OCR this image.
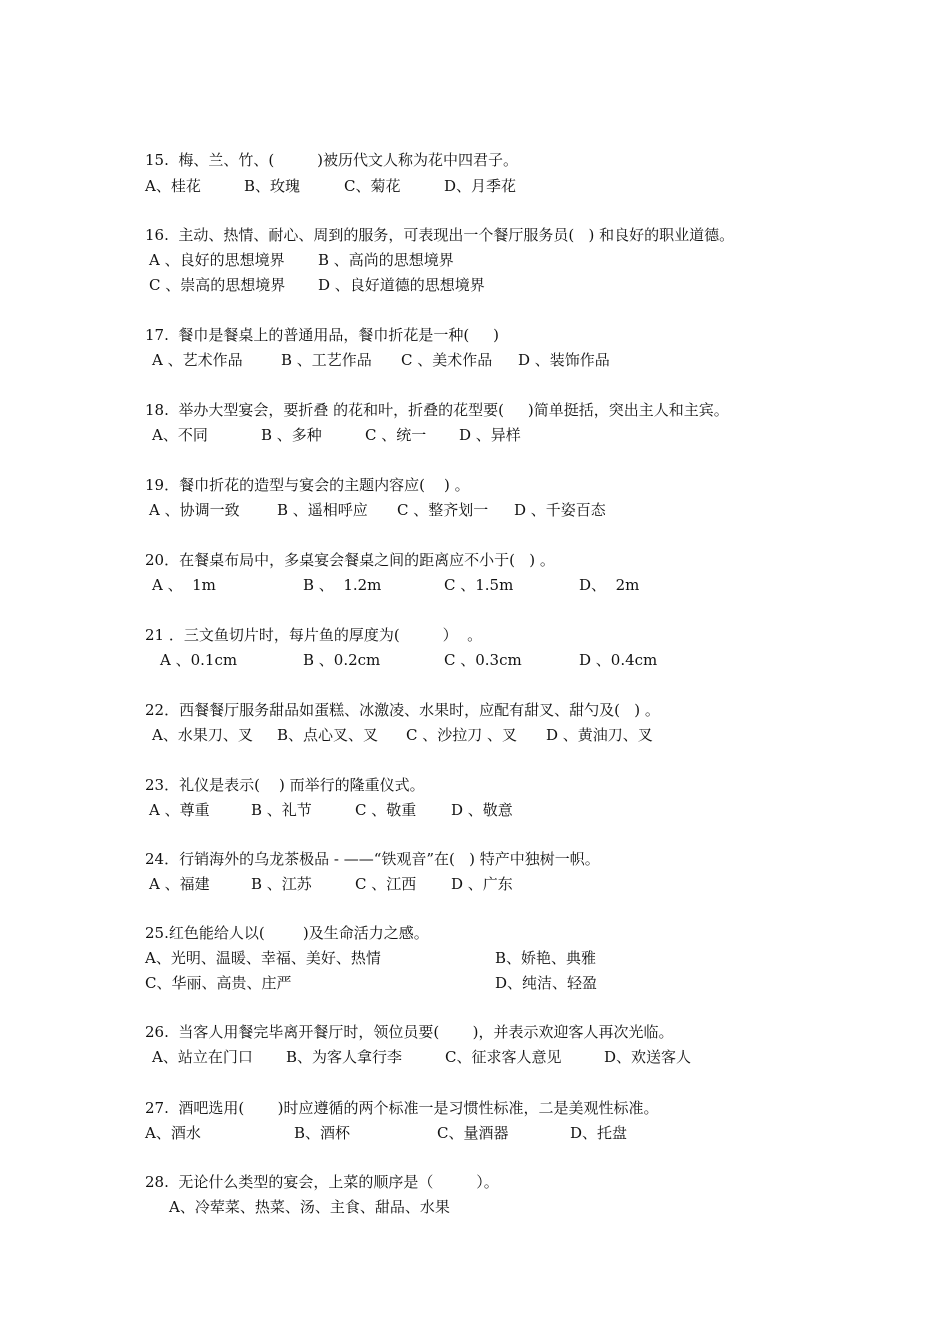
15.  梅、兰、竹、(         )被历代文人称为花中四君子。
A、桂花	B、玫瑰	C、菊花	D、月季花
16.  主动、热情、耐心、周到的服务，可表现出一个餐厅服务员(   ) 和良好的职业道德。
A 、良好的思想境界 B 、高尚的思想境界
C 、崇高的思想境界 D 、良好道德的思想境界
17.  餐巾是餐桌上的普通用品，餐巾折花是一种(     )
A 、艺术作品	B 、工艺作品 C 、美术作品 D 、装饰作品
18.  举办大型宴会，要折叠 的花和叶，折叠的花型要(     )简单挺括，突出主人和主宾。
A、不同	B 、多种	C 、统一 D 、异样
19．餐巾折花的造型与宴会的主题内容应(    ) 。
A 、协调一致 B 、遥相呼应 C 、整齐划一 D 、千姿百态
20．在餐桌布局中，多桌宴会餐桌之间的距离应不小于(   ) 。
A 、  1m	B 、  1.2m	C 、1.5m	D、  2m
21 ．三文鱼切片时，每片鱼的厚度为(         ）  。
A 、0.1cm	B 、0.2cm	C 、0.3cm	D 、0.4cm
22．西餐餐厅服务甜品如蛋糕、冰激凌、水果时，应配有甜叉、甜勺及(   ) 。
A、水果刀、叉 B、点心叉、叉 C 、沙拉刀 、叉 D 、黄油刀、叉
23．礼仪是表示(    ) 而举行的隆重仪式。
A 、尊重	B 、礼节	C 、敬重 D 、敬意
24．行销海外的乌龙茶极品 - ——“铁观音”在(   ) 特产中独树一帜。
A 、福建	B 、江苏	C 、江西 D 、广东
25.红色能给人以(        )及生命活力之感。
A、光明、温暖、幸福、美好、热情	B、娇艳、典雅
C、华丽、高贵、庄严	D、纯洁、轻盈
26.  当客人用餐完毕离开餐厅时，领位员要(       )，并表示欢迎客人再次光临。
A、站立在门口 B、为客人拿行李	C、征求客人意见	D、欢送客人
27.  酒吧选用(       )时应遵循的两个标准一是习惯性标准，二是美观性标准。
A、酒水	B、酒杯	C、量酒器	D、托盘
28.  无论什么类型的宴会，上菜的顺序是（         ）。
A、冷荤菜、热菜、汤、主食、甜品、水果
